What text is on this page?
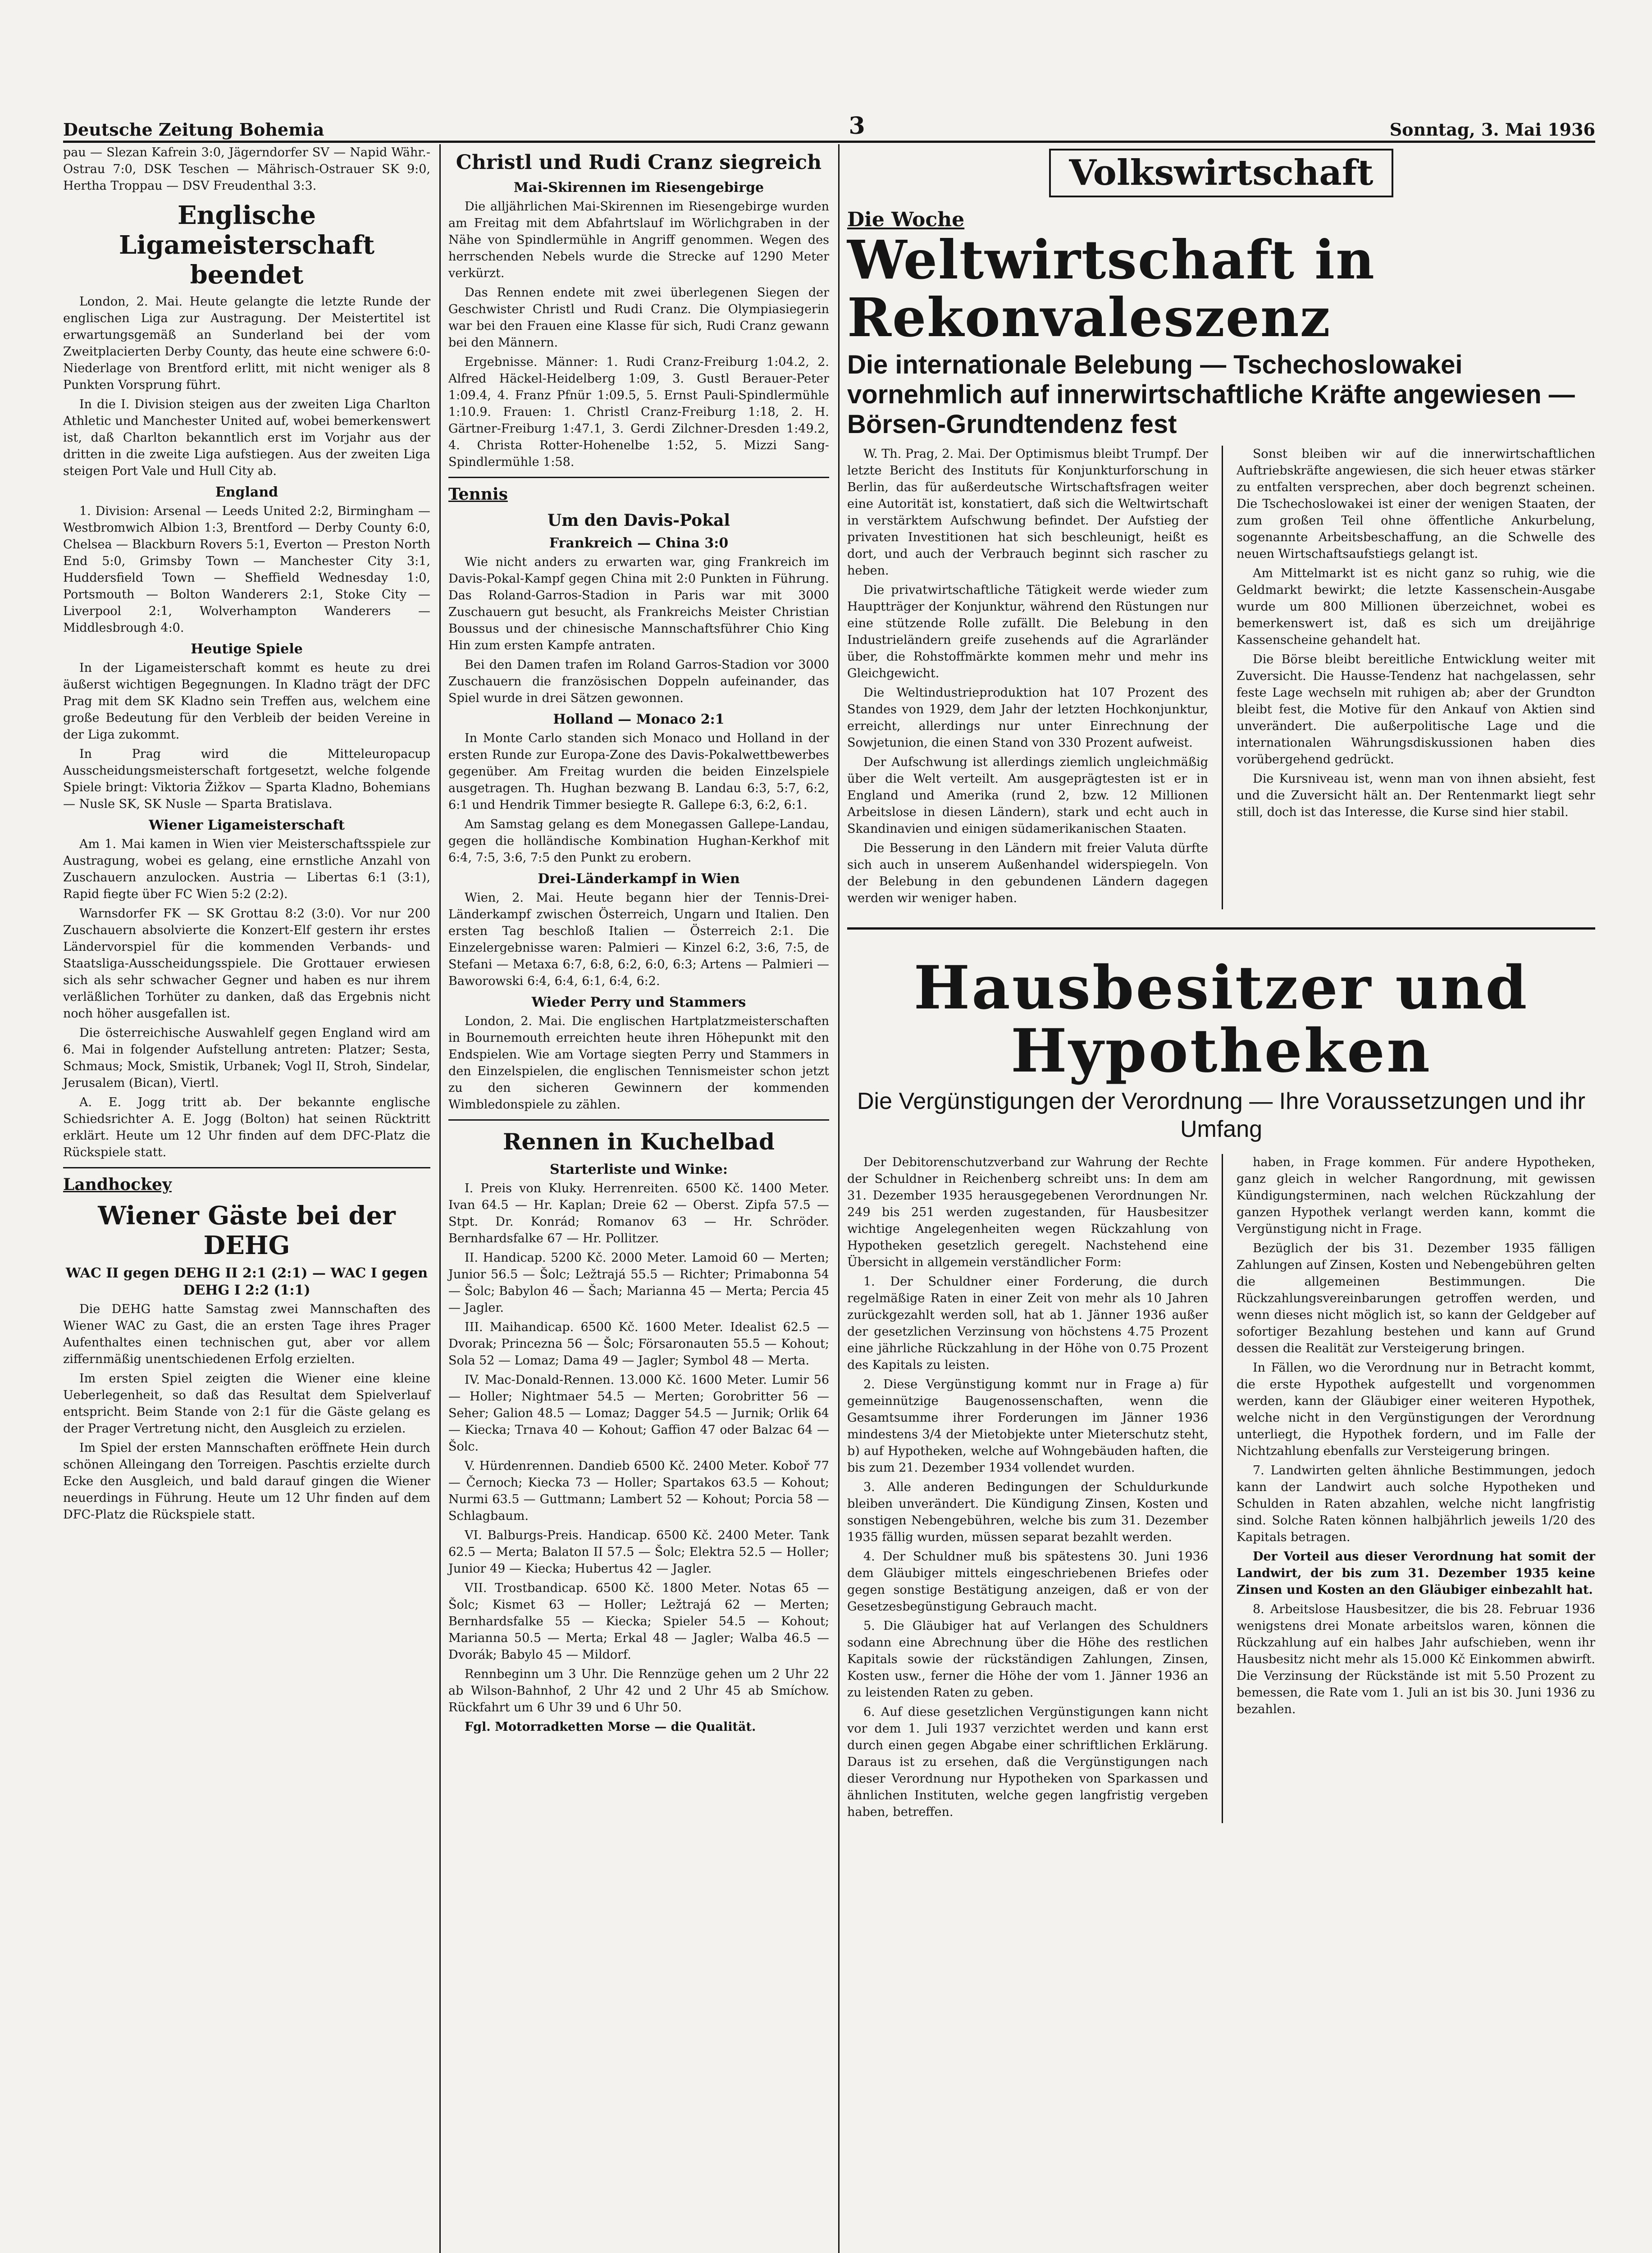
Deutsche Zeitung Bohemia	3	Sonntag, 3. Mai 1936

pau — Slezan Kafrein 3:0, Jägerndorfer SV — Napid Währ.-Ostrau 7:0, DSK Teschen — Mährisch-Ostrauer SK 9:0, Hertha Troppau — DSV Freudenthal 3:3.

Englische Ligameisterschaft beendet

London, 2. Mai. Heute gelangte die letzte Runde der englischen Liga zur Austragung. Der Meistertitel ist erwartungsgemäß an Sunderland bei der vom Zweitplacierten Derby County, das heute eine schwere 6:0-Niederlage von Brentford erlitt, mit nicht weniger als 8 Punkten Vorsprung führt.

In die I. Division steigen aus der zweiten Liga Charlton Athletic und Manchester United auf, wobei bemerkenswert ist, daß Charlton bekanntlich erst im Vorjahr aus der dritten in die zweite Liga aufstiegen. Aus der zweiten Liga steigen Port Vale und Hull City ab.

England

1. Division: Arsenal — Leeds United 2:2, Birmingham — Westbromwich Albion 1:3, Brentford — Derby County 6:0, Chelsea — Blackburn Rovers 5:1, Everton — Preston North End 5:0, Grimsby Town — Manchester City 3:1, Huddersfield Town — Sheffield Wednesday 1:0, Portsmouth — Bolton Wanderers 2:1, Stoke City — Liverpool 2:1, Wolverhampton Wanderers — Middlesbrough 4:0.

Heutige Spiele

In der Ligameisterschaft kommt es heute zu drei äußerst wichtigen Begegnungen. In Kladno trägt der DFC Prag mit dem SK Kladno sein Treffen aus, welchem eine große Bedeutung für den Verbleib der beiden Vereine in der Liga zukommt.

In Prag wird die Mitteleuropacup Ausscheidungsmeisterschaft fortgesetzt, welche folgende Spiele bringt: Viktoria Žižkov — Sparta Kladno, Bohemians — Nusle SK, SK Nusle — Sparta Bratislava.

Wiener Ligameisterschaft

Am 1. Mai kamen in Wien vier Meisterschaftsspiele zur Austragung, wobei es gelang, eine ernstliche Anzahl von Zuschauern anzulocken. Austria — Libertas 6:1 (3:1), Rapid fiegte über FC Wien 5:2 (2:2).

Warnsdorfer FK — SK Grottau 8:2 (3:0). Vor nur 200 Zuschauern absolvierte die Konzert-Elf gestern ihr erstes Ländervorspiel für die kommenden Verbands- und Staatsliga-Ausscheidungsspiele. Die Grottauer erwiesen sich als sehr schwacher Gegner und haben es nur ihrem verläßlichen Torhüter zu danken, daß das Ergebnis nicht noch höher ausgefallen ist.

Die österreichische Auswahlelf gegen England wird am 6. Mai in folgender Aufstellung antreten: Platzer; Sesta, Schmaus; Mock, Smistik, Urbanek; Vogl II, Stroh, Sindelar, Jerusalem (Bican), Viertl.

A. E. Jogg tritt ab. Der bekannte englische Schiedsrichter A. E. Jogg (Bolton) hat seinen Rücktritt erklärt. Heute um 12 Uhr finden auf dem DFC-Platz die Rückspiele statt.

Landhockey
Wiener Gäste bei der DEHG
WAC II gegen DEHG II 2:1 (2:1) — WAC I gegen DEHG I 2:2 (1:1)

Die DEHG hatte Samstag zwei Mannschaften des Wiener WAC zu Gast, die an ersten Tage ihres Prager Aufenthaltes einen technischen gut, aber vor allem ziffernmäßig unentschiedenen Erfolg erzielten.

Im ersten Spiel zeigten die Wiener eine kleine Ueberlegenheit, so daß das Resultat dem Spielverlauf entspricht. Beim Stande von 2:1 für die Gäste gelang es der Prager Vertretung nicht, den Ausgleich zu erzielen.

Im Spiel der ersten Mannschaften eröffnete Hein durch schönen Alleingang den Torreigen. Paschtis erzielte durch Ecke den Ausgleich, und bald darauf gingen die Wiener neuerdings in Führung. Heute um 12 Uhr finden auf dem DFC-Platz die Rückspiele statt.

Christl und Rudi Cranz siegreich
Mai-Skirennen im Riesengebirge

Die alljährlichen Mai-Skirennen im Riesengebirge wurden am Freitag mit dem Abfahrtslauf im Wörlichgraben in der Nähe von Spindlermühle in Angriff genommen. Wegen des herrschenden Nebels wurde die Strecke auf 1290 Meter verkürzt.

Das Rennen endete mit zwei überlegenen Siegen der Geschwister Christl und Rudi Cranz. Die Olympiasiegerin war bei den Frauen eine Klasse für sich, Rudi Cranz gewann bei den Männern.

Ergebnisse. Männer: 1. Rudi Cranz-Freiburg 1:04.2, 2. Alfred Häckel-Heidelberg 1:09, 3. Gustl Berauer-Peter 1:09.4, 4. Franz Pfnür 1:09.5, 5. Ernst Pauli-Spindlermühle 1:10.9. Frauen: 1. Christl Cranz-Freiburg 1:18, 2. H. Gärtner-Freiburg 1:47.1, 3. Gerdi Zilchner-Dresden 1:49.2, 4. Christa Rotter-Hohenelbe 1:52, 5. Mizzi Sang-Spindlermühle 1:58.

Tennis
Um den Davis-Pokal
Frankreich — China 3:0

Wie nicht anders zu erwarten war, ging Frankreich im Davis-Pokal-Kampf gegen China mit 2:0 Punkten in Führung. Das Roland-Garros-Stadion in Paris war mit 3000 Zuschauern gut besucht, als Frankreichs Meister Christian Boussus und der chinesische Mannschaftsführer Chio King Hin zum ersten Kampfe antraten.

Bei den Damen trafen im Roland Garros-Stadion vor 3000 Zuschauern die französischen Doppeln aufeinander, das Spiel wurde in drei Sätzen gewonnen.

Holland — Monaco 2:1

In Monte Carlo standen sich Monaco und Holland in der ersten Runde zur Europa-Zone des Davis-Pokalwettbewerbes gegenüber. Am Freitag wurden die beiden Einzelspiele ausgetragen. Th. Hughan bezwang B. Landau 6:3, 5:7, 6:2, 6:1 und Hendrik Timmer besiegte R. Gallepe 6:3, 6:2, 6:1.

Am Samstag gelang es dem Monegassen Gallepe-Landau, gegen die holländische Kombination Hughan-Kerkhof mit 6:4, 7:5, 3:6, 7:5 den Punkt zu erobern.

Drei-Länderkampf in Wien

Wien, 2. Mai. Heute begann hier der Tennis-Drei-Länderkampf zwischen Österreich, Ungarn und Italien. Den ersten Tag beschloß Italien — Österreich 2:1. Die Einzelergebnisse waren: Palmieri — Kinzel 6:2, 3:6, 7:5, de Stefani — Metaxa 6:7, 6:8, 6:2, 6:0, 6:3; Artens — Palmieri — Baworowski 6:4, 6:4, 6:1, 6:4, 6:2.

Wieder Perry und Stammers

London, 2. Mai. Die englischen Hartplatzmeisterschaften in Bournemouth erreichten heute ihren Höhepunkt mit den Endspielen. Wie am Vortage siegten Perry und Stammers in den Einzelspielen, die englischen Tennismeister schon jetzt zu den sicheren Gewinnern der kommenden Wimbledonspiele zu zählen.

Rennen in Kuchelbad
Starterliste und Winke:

I. Preis von Kluky. Herrenreiten. 6500 Kč. 1400 Meter. Ivan 64.5 — Hr. Kaplan; Dreie 62 — Oberst. Zipfa 57.5 — Stpt. Dr. Konrád; Romanov 63 — Hr. Schröder. Bernhardsfalke 67 — Hr. Pollitzer.

II. Handicap. 5200 Kč. 2000 Meter. Lamoid 60 — Merten; Junior 56.5 — Šolc; Ležtrajá 55.5 — Richter; Primabonna 54 — Šolc; Babylon 46 — Šach; Marianna 45 — Merta; Percia 45 — Jagler.

III. Maihandicap. 6500 Kč. 1600 Meter. Idealist 62.5 — Dvorak; Princezna 56 — Šolc; Försaronauten 55.5 — Kohout; Sola 52 — Lomaz; Dama 49 — Jagler; Symbol 48 — Merta.

IV. Mac-Donald-Rennen. 13.000 Kč. 1600 Meter. Lumir 56 — Holler; Nightmaer 54.5 — Merten; Gorobritter 56 — Seher; Galion 48.5 — Lomaz; Dagger 54.5 — Jurnik; Orlik 64 — Kiecka; Trnava 40 — Kohout; Gaffion 47 oder Balzac 64 — Šolc.

V. Hürdenrennen. Dandieb 6500 Kč. 2400 Meter. Koboř 77 — Černoch; Kiecka 73 — Holler; Spartakos 63.5 — Kohout; Nurmi 63.5 — Guttmann; Lambert 52 — Kohout; Porcia 58 — Schlagbaum.

VI. Balburgs-Preis. Handicap. 6500 Kč. 2400 Meter. Tank 62.5 — Merta; Balaton II 57.5 — Šolc; Elektra 52.5 — Holler; Junior 49 — Kiecka; Hubertus 42 — Jagler.

VII. Trostbandicap. 6500 Kč. 1800 Meter. Notas 65 — Šolc; Kismet 63 — Holler; Ležtrajá 62 — Merten; Bernhardsfalke 55 — Kiecka; Spieler 54.5 — Kohout; Marianna 50.5 — Merta; Erkal 48 — Jagler; Walba 46.5 — Dvorák; Babylo 45 — Mildorf.

Rennbeginn um 3 Uhr. Die Rennzüge gehen um 2 Uhr 22 ab Wilson-Bahnhof, 2 Uhr 42 und 2 Uhr 45 ab Smíchow. Rückfahrt um 6 Uhr 39 und 6 Uhr 50.

Fgl. Motorradketten Morse — die Qualität.

Volkswirtschaft
Die Woche
Weltwirtschaft in Rekonvaleszenz
Die internationale Belebung — Tschechoslowakei vornehmlich auf innerwirtschaftliche Kräfte angewiesen — Börsen-Grundtendenz fest

W. Th. Prag, 2. Mai. Der Optimismus bleibt Trumpf. Der letzte Bericht des Instituts für Konjunkturforschung in Berlin, das für außerdeutsche Wirtschaftsfragen weiter eine Autorität ist, konstatiert, daß sich die Weltwirtschaft in verstärktem Aufschwung befindet. Der Aufstieg der privaten Investitionen hat sich beschleunigt, heißt es dort, und auch der Verbrauch beginnt sich rascher zu heben.

Die privatwirtschaftliche Tätigkeit werde wieder zum Hauptträger der Konjunktur, während den Rüstungen nur eine stützende Rolle zufällt. Die Belebung in den Industrieländern greife zusehends auf die Agrarländer über, die Rohstoffmärkte kommen mehr und mehr ins Gleichgewicht.

Die Weltindustrieproduktion hat 107 Prozent des Standes von 1929, dem Jahr der letzten Hochkonjunktur, erreicht, allerdings nur unter Einrechnung der Sowjetunion, die einen Stand von 330 Prozent aufweist.

Der Aufschwung ist allerdings ziemlich ungleichmäßig über die Welt verteilt. Am ausgeprägtesten ist er in England und Amerika (rund 2, bzw. 12 Millionen Arbeitslose in diesen Ländern), stark und echt auch in Skandinavien und einigen südamerikanischen Staaten.

Die Besserung in den Ländern mit freier Valuta dürfte sich auch in unserem Außenhandel widerspiegeln. Von der Belebung in den gebundenen Ländern dagegen werden wir weniger haben.

Sonst bleiben wir auf die innerwirtschaftlichen Auftriebskräfte angewiesen, die sich heuer etwas stärker zu entfalten versprechen, aber doch begrenzt scheinen. Die Tschechoslowakei ist einer der wenigen Staaten, der zum großen Teil ohne öffentliche Ankurbelung, sogenannte Arbeitsbeschaffung, an die Schwelle des neuen Wirtschaftsaufstiegs gelangt ist.

Am Mittelmarkt ist es nicht ganz so ruhig, wie die Geldmarkt bewirkt; die letzte Kassenschein-Ausgabe wurde um 800 Millionen überzeichnet, wobei es bemerkenswert ist, daß es sich um dreijährige Kassenscheine gehandelt hat.

Die Börse bleibt bereitliche Entwicklung weiter mit Zuversicht. Die Hausse-Tendenz hat nachgelassen, sehr feste Lage wechseln mit ruhigen ab; aber der Grundton bleibt fest, die Motive für den Ankauf von Aktien sind unverändert. Die außerpolitische Lage und die internationalen Währungsdiskussionen haben dies vorübergehend gedrückt.

Die Kursniveau ist, wenn man von ihnen absieht, fest und die Zuversicht hält an. Der Rentenmarkt liegt sehr still, doch ist das Interesse, die Kurse sind hier stabil.

Hausbesitzer und Hypotheken
Die Vergünstigungen der Verordnung — Ihre Voraussetzungen und ihr Umfang

Der Debitorenschutzverband zur Wahrung der Rechte der Schuldner in Reichenberg schreibt uns: In dem am 31. Dezember 1935 herausgegebenen Verordnungen Nr. 249 bis 251 werden zugestanden, für Hausbesitzer wichtige Angelegenheiten wegen Rückzahlung von Hypotheken gesetzlich geregelt. Nachstehend eine Übersicht in allgemein verständlicher Form:

1. Der Schuldner einer Forderung, die durch regelmäßige Raten in einer Zeit von mehr als 10 Jahren zurückgezahlt werden soll, hat ab 1. Jänner 1936 außer der gesetzlichen Verzinsung von höchstens 4.75 Prozent eine jährliche Rückzahlung in der Höhe von 0.75 Prozent des Kapitals zu leisten.

2. Diese Vergünstigung kommt nur in Frage a) für gemeinnützige Baugenossenschaften, wenn die Gesamtsumme ihrer Forderungen im Jänner 1936 mindestens 3/4 der Mietobjekte unter Mieterschutz steht, b) auf Hypotheken, welche auf Wohngebäuden haften, die bis zum 21. Dezember 1934 vollendet wurden.

3. Alle anderen Bedingungen der Schuldurkunde bleiben unverändert. Die Kündigung Zinsen, Kosten und sonstigen Nebengebühren, welche bis zum 31. Dezember 1935 fällig wurden, müssen separat bezahlt werden.

4. Der Schuldner muß bis spätestens 30. Juni 1936 dem Gläubiger mittels eingeschriebenen Briefes oder gegen sonstige Bestätigung anzeigen, daß er von der Gesetzesbegünstigung Gebrauch macht.

5. Die Gläubiger hat auf Verlangen des Schuldners sodann eine Abrechnung über die Höhe des restlichen Kapitals sowie der rückständigen Zahlungen, Zinsen, Kosten usw., ferner die Höhe der vom 1. Jänner 1936 an zu leistenden Raten zu geben.

6. Auf diese gesetzlichen Vergünstigungen kann nicht vor dem 1. Juli 1937 verzichtet werden und kann erst durch einen gegen Abgabe einer schriftlichen Erklärung. Daraus ist zu ersehen, daß die Vergünstigungen nach dieser Verordnung nur Hypotheken von Sparkassen und ähnlichen Instituten, welche gegen langfristig vergeben haben, betreffen.

haben, in Frage kommen. Für andere Hypotheken, ganz gleich in welcher Rangordnung, mit gewissen Kündigungsterminen, nach welchen Rückzahlung der ganzen Hypothek verlangt werden kann, kommt die Vergünstigung nicht in Frage.

Bezüglich der bis 31. Dezember 1935 fälligen Zahlungen auf Zinsen, Kosten und Nebengebühren gelten die allgemeinen Bestimmungen. Die Rückzahlungsvereinbarungen getroffen werden, und wenn dieses nicht möglich ist, so kann der Geldgeber auf sofortiger Bezahlung bestehen und kann auf Grund dessen die Realität zur Versteigerung bringen.

In Fällen, wo die Verordnung nur in Betracht kommt, die erste Hypothek aufgestellt und vorgenommen werden, kann der Gläubiger einer weiteren Hypothek, welche nicht in den Vergünstigungen der Verordnung unterliegt, die Hypothek fordern, und im Falle der Nichtzahlung ebenfalls zur Versteigerung bringen.

7. Landwirten gelten ähnliche Bestimmungen, jedoch kann der Landwirt auch solche Hypotheken und Schulden in Raten abzahlen, welche nicht langfristig sind. Solche Raten können halbjährlich jeweils 1/20 des Kapitals betragen.

Der Vorteil aus dieser Verordnung hat somit der Landwirt, der bis zum 31. Dezember 1935 keine Zinsen und Kosten an den Gläubiger einbezahlt hat.

8. Arbeitslose Hausbesitzer, die bis 28. Februar 1936 wenigstens drei Monate arbeitslos waren, können die Rückzahlung auf ein halbes Jahr aufschieben, wenn ihr Hausbesitz nicht mehr als 15.000 Kč Einkommen abwirft. Die Verzinsung der Rückstände ist mit 5.50 Prozent zu bemessen, die Rate vom 1. Juli an ist bis 30. Juni 1936 zu bezahlen.
